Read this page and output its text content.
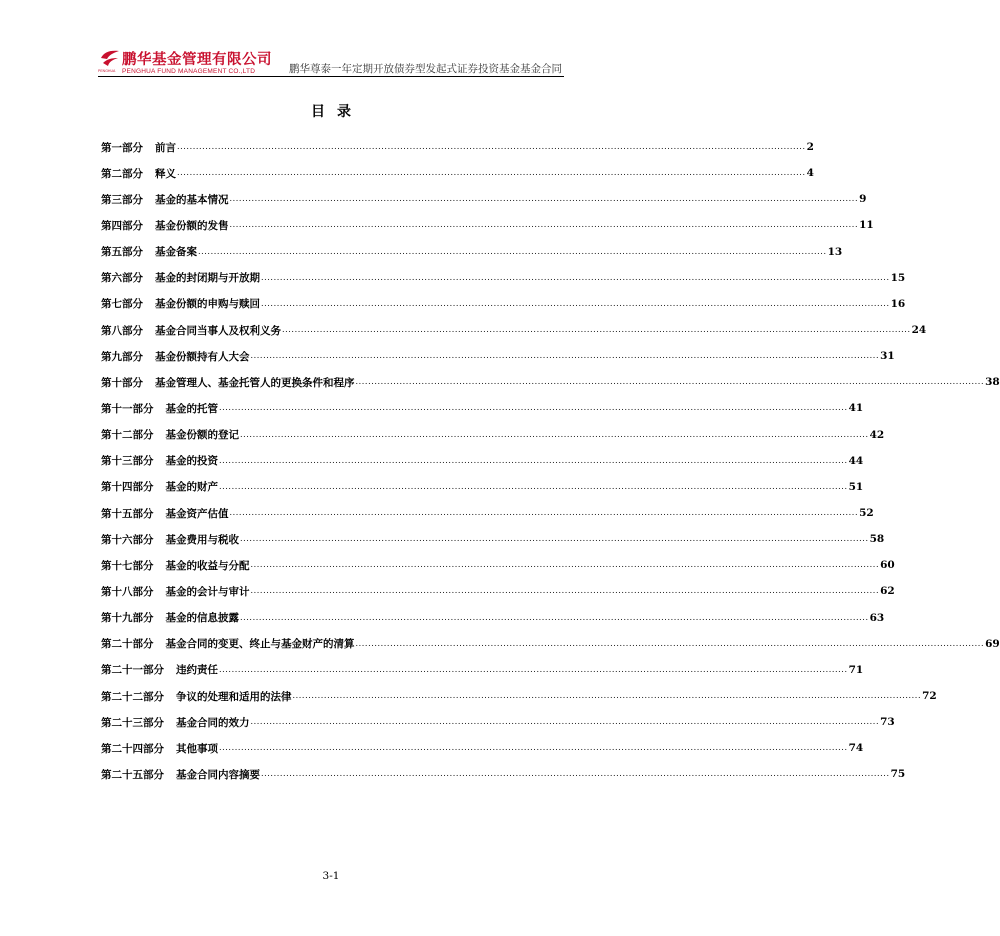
鹏华基金管理有限公司
PENGHUA PENGHUA FUND MANAGEMENT CO.,LTD	鹏华尊泰一年定期开放债券型发起式证券投资基金基金合同
目录
第一部分 前言 ........................................................................................................................................................................................................ 2
第二部分 释义 ........................................................................................................................................................................................................ 4
第三部分 基金的基本情况 ........................................................................................................................................................................................................ 9
第四部分 基金份额的发售 ........................................................................................................................................................................................................ 11
第五部分 基金备案 ........................................................................................................................................................................................................ 13
第六部分 基金的封闭期与开放期 ........................................................................................................................................................................................................ 15
第七部分 基金份额的申购与赎回 ........................................................................................................................................................................................................ 16
第八部分 基金合同当事人及权利义务 ........................................................................................................................................................................................................ 24
第九部分 基金份额持有人大会 ........................................................................................................................................................................................................ 31
第十部分 基金管理人、基金托管人的更换条件和程序 ........................................................................................................................................................................................................ 38
第十一部分 基金的托管 ........................................................................................................................................................................................................ 41
第十二部分 基金份额的登记 ........................................................................................................................................................................................................ 42
第十三部分 基金的投资 ........................................................................................................................................................................................................ 44
第十四部分 基金的财产 ........................................................................................................................................................................................................ 51
第十五部分 基金资产估值 ........................................................................................................................................................................................................ 52
第十六部分 基金费用与税收 ........................................................................................................................................................................................................ 58
第十七部分 基金的收益与分配 ........................................................................................................................................................................................................ 60
第十八部分 基金的会计与审计 ........................................................................................................................................................................................................ 62
第十九部分 基金的信息披露 ........................................................................................................................................................................................................ 63
第二十部分 基金合同的变更、终止与基金财产的清算 ........................................................................................................................................................................................................ 69
第二十一部分 违约责任 ........................................................................................................................................................................................................ 71
第二十二部分 争议的处理和适用的法律 ........................................................................................................................................................................................................ 72
第二十三部分 基金合同的效力 ........................................................................................................................................................................................................ 73
第二十四部分 其他事项 ........................................................................................................................................................................................................ 74
第二十五部分 基金合同内容摘要 ........................................................................................................................................................................................................ 75
3-1
